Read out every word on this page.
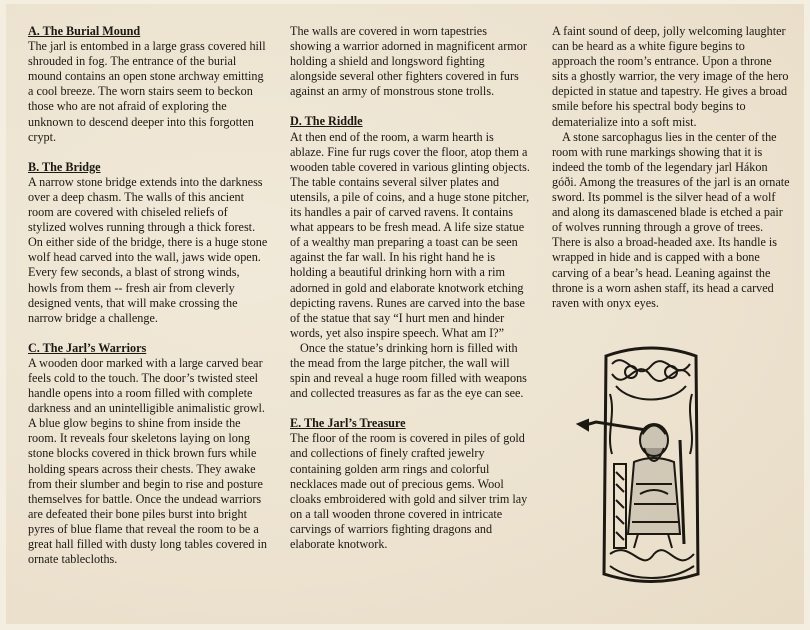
A. The Burial Mound

The jarl is entombed in a large grass covered hill shrouded in fog. The entrance of the burial mound contains an open stone archway emitting a cool breeze. The worn stairs seem to beckon those who are not afraid of exploring the unknown to descend deeper into this forgotten crypt.

B. The Bridge

A narrow stone bridge extends into the darkness over a deep chasm. The walls of this ancient room are covered with chiseled reliefs of stylized wolves running through a thick forest. On either side of the bridge, there is a huge stone wolf head carved into the wall, jaws wide open. Every few seconds, a blast of strong winds, howls from them -- fresh air from cleverly designed vents, that will make crossing the narrow bridge a challenge.

C. The Jarl’s Warriors

A wooden door marked with a large carved bear feels cold to the touch. The door’s twisted steel handle opens into a room filled with complete darkness and an unintelligible animalistic growl.

A blue glow begins to shine from inside the room. It reveals four skeletons laying on long stone blocks covered in thick brown furs while holding spears across their chests. They awake from their slumber and begin to rise and posture themselves for battle. Once the undead warriors are defeated their bone piles burst into bright pyres of blue flame that reveal the room to be a great hall filled with dusty long tables covered in ornate tablecloths.

The walls are covered in worn tapestries showing a warrior adorned in magnificent armor holding a shield and longsword fighting alongside several other fighters covered in furs against an army of monstrous stone trolls.

D. The Riddle

At then end of the room, a warm hearth is ablaze. Fine fur rugs cover the floor, atop them a wooden table covered in various glinting objects. The table contains several silver plates and utensils, a pile of coins, and a huge stone pitcher, its handles a pair of carved ravens. It contains what appears to be fresh mead. A life size statue of a wealthy man preparing a toast can be seen against the far wall. In his right hand he is holding a beautiful drinking horn with a rim adorned in gold and elaborate knotwork etching depicting ravens. Runes are carved into the base of the statue that say “I hurt men and hinder words, yet also inspire speech. What am I?”

Once the statue’s drinking horn is filled with the mead from the large pitcher, the wall will spin and reveal a huge room filled with weapons and collected treasures as far as the eye can see.

E. The Jarl’s Treasure

The floor of the room is covered in piles of gold and collections of finely crafted jewelry containing golden arm rings and colorful necklaces made out of precious gems. Wool cloaks embroidered with gold and silver trim lay on a tall wooden throne covered in intricate carvings of warriors fighting dragons and elaborate knotwork.

A faint sound of deep, jolly welcoming laughter can be heard as a white figure begins to approach the room’s entrance. Upon a throne sits a ghostly warrior, the very image of the hero depicted in statue and tapestry. He gives a broad smile before his spectral body begins to dematerialize into a soft mist.

A stone sarcophagus lies in the center of the room with rune markings showing that it is indeed the tomb of the legendary jarl Hákon góði. Among the treasures of the jarl is an ornate sword. Its pommel is the silver head of a wolf and along its damascened blade is etched a pair of wolves running through a grove of trees. There is also a broad-headed axe. Its handle is wrapped in hide and is capped with a bone carving of a bear’s head. Leaning against the throne is a worn ashen staff, its head a carved raven with onyx eyes.
